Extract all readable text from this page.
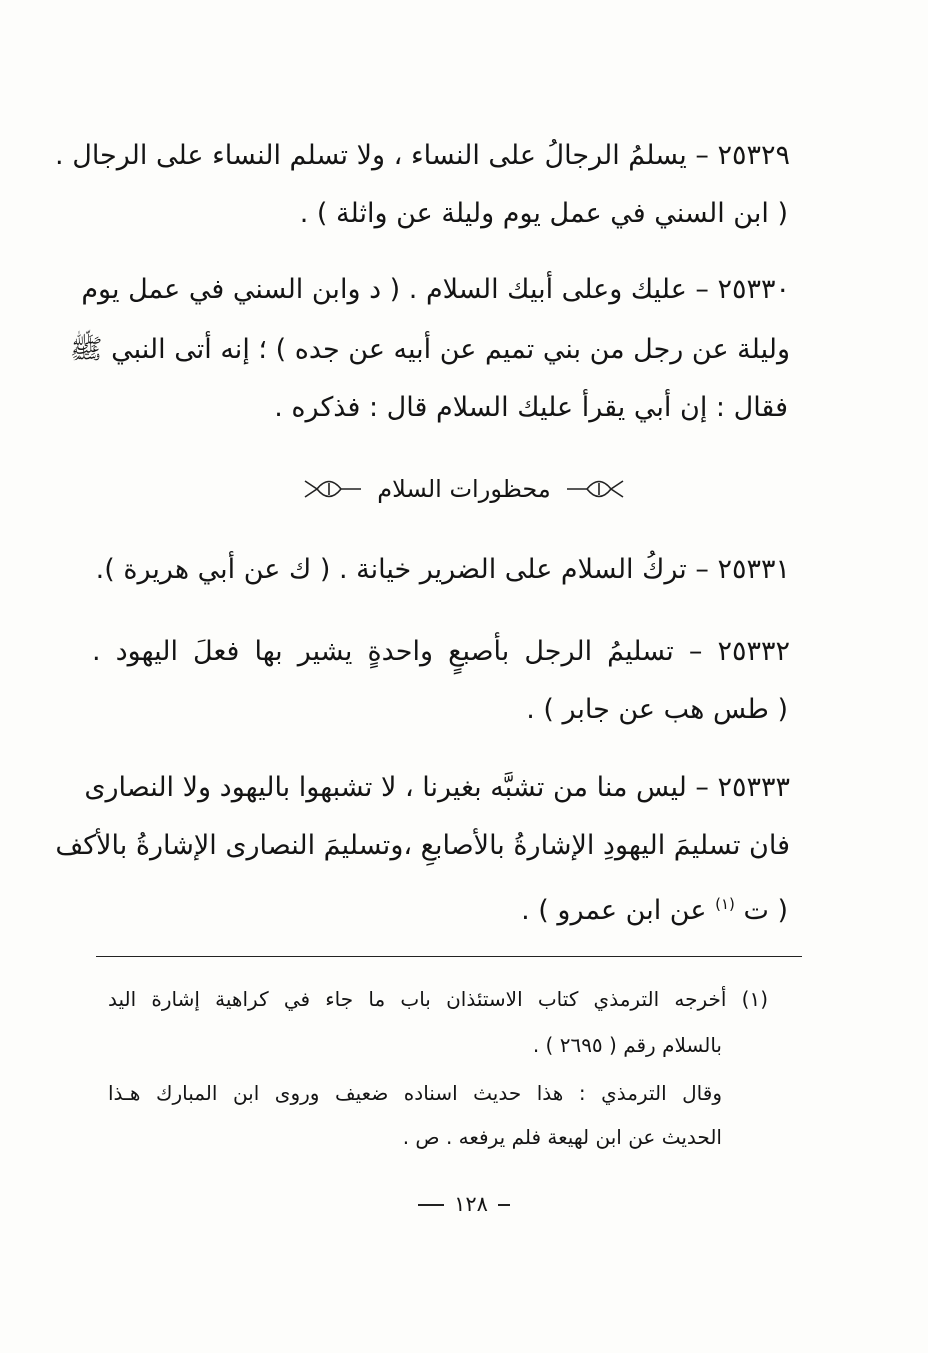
٢٥٣٢٩ – يسلمُ الرجالُ على النساء ، ولا تسلم النساء على الرجال .

( ابن السني في عمل يوم وليلة عن واثلة ) .

٢٥٣٣٠ – عليك وعلى أبيك السلام . ( د وابن السني في عمل يوم

وليلة عن رجل من بني تميم عن أبيه عن جده ) ؛ إنه أتى النبي ﷺ

فقال : إن أبي يقرأ عليك السلام قال : فذكره .

محظورات السلام

٢٥٣٣١ – تركُ السلام على الضرير خيانة . ( ك عن أبي هريرة ).

٢٥٣٣٢ – تسليمُ الرجل بأصبعٍ واحدةٍ يشير بها فعلَ اليهود .

( طس هب عن جابر ) .

٢٥٣٣٣ – ليس منا من تشبَّه بغيرنا ، لا تشبهوا باليهود ولا النصارى

فان تسليمَ اليهودِ الإشارةُ بالأصابعِ ،وتسليمَ النصارى الإشارةُ بالأكف

( ت $^{(١)}$ عن ابن عمرو ) .

(١) أخرجه الترمذي كتاب الاستئذان باب ما جاء في كراهية إشارة اليد

بالسلام رقم ( ٢٦٩٥ ) .

وقال الترمذي : هذا حديث اسناده ضعيف وروى ابن المبارك هـذا

الحديث عن ابن لهيعة فلم يرفعه . ص .

١٢٨
